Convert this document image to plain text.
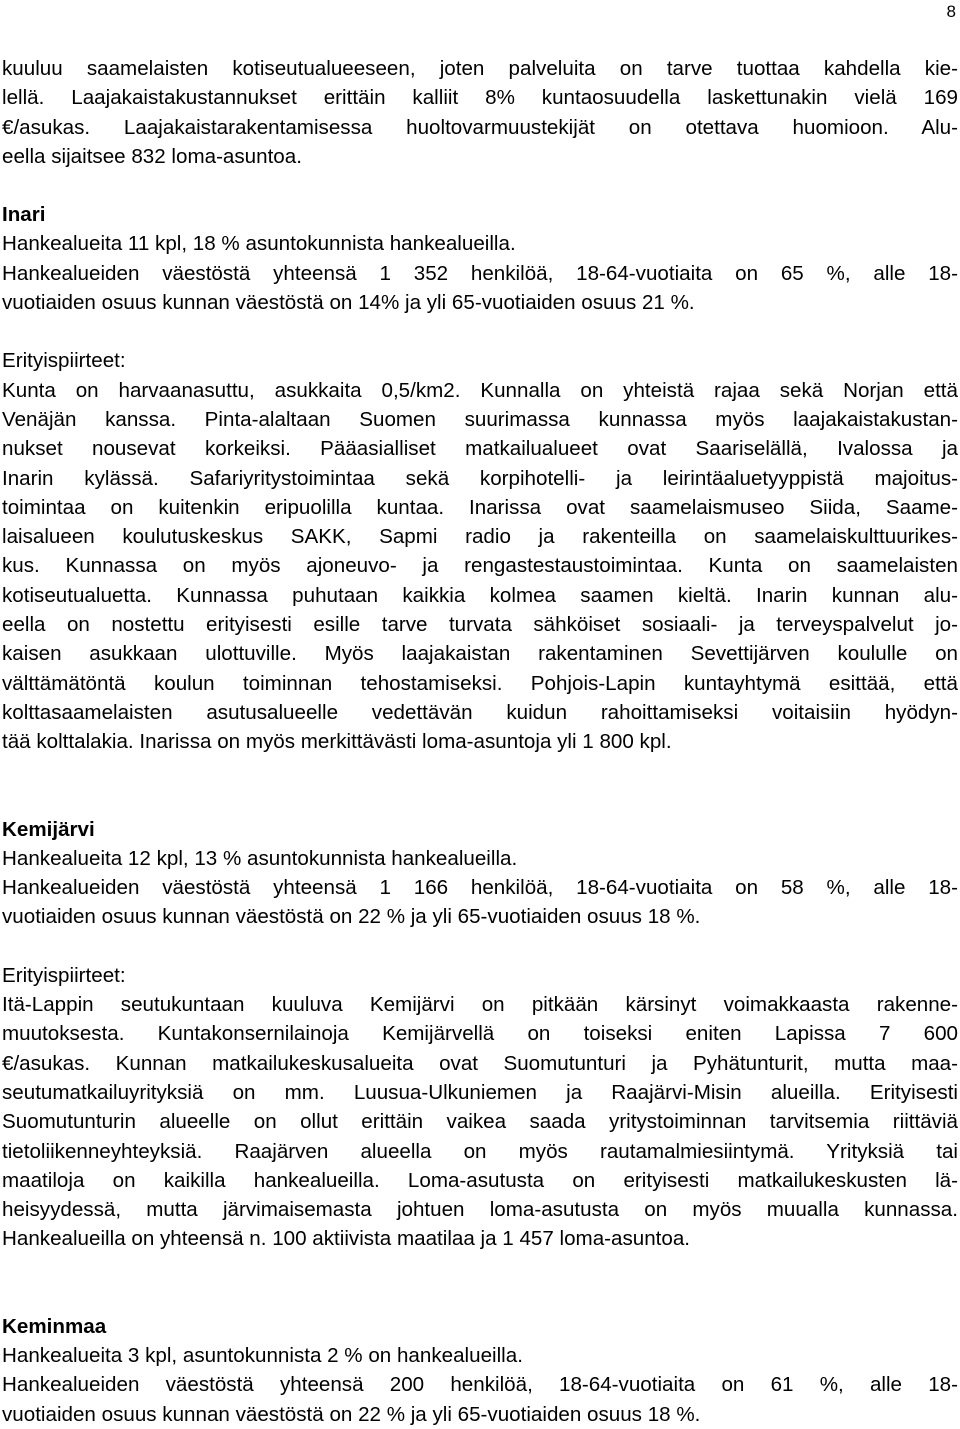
8
kuuluu saamelaisten kotiseutualueeseen, joten palveluita on tarve tuottaa kahdella kie-
lellä. Laajakaistakustannukset erittäin kalliit 8% kuntaosuudella laskettunakin vielä 169
€/asukas. Laajakaistarakentamisessa huoltovarmuustekijät on otettava huomioon. Alu-
eella sijaitsee 832 loma-asuntoa.
Inari
Hankealueita 11 kpl, 18 % asuntokunnista hankealueilla.
Hankealueiden väestöstä yhteensä 1 352 henkilöä, 18-64-vuotiaita on 65 %, alle 18-
vuotiaiden osuus kunnan väestöstä on 14% ja yli 65-vuotiaiden osuus 21 %.
Erityispiirteet:
Kunta on harvaanasuttu, asukkaita 0,5/km2. Kunnalla on yhteistä rajaa sekä Norjan että
Venäjän kanssa. Pinta-alaltaan Suomen suurimassa kunnassa myös laajakaistakustan-
nukset nousevat korkeiksi. Pääasialliset matkailualueet ovat Saariselällä, Ivalossa ja
Inarin kylässä. Safariyritystoimintaa sekä korpihotelli- ja leirintäaluetyyppistä majoitus-
toimintaa on kuitenkin eripuolilla kuntaa. Inarissa ovat saamelaismuseo Siida, Saame-
laisalueen koulutuskeskus SAKK, Sapmi radio ja rakenteilla on saamelaiskulttuurikes-
kus. Kunnassa on myös ajoneuvo- ja rengastestaustoimintaa. Kunta on saamelaisten
kotiseutualuetta. Kunnassa puhutaan kaikkia kolmea saamen kieltä. Inarin kunnan alu-
eella on nostettu erityisesti esille tarve turvata sähköiset sosiaali- ja terveyspalvelut jo-
kaisen asukkaan ulottuville. Myös laajakaistan rakentaminen Sevettijärven koululle on
välttämätöntä koulun toiminnan tehostamiseksi. Pohjois-Lapin kuntayhtymä esittää, että
kolttasaamelaisten asutusalueelle vedettävän kuidun rahoittamiseksi voitaisiin hyödyn-
tää kolttalakia. Inarissa on myös merkittävästi loma-asuntoja yli 1 800 kpl.
Kemijärvi
Hankealueita 12 kpl, 13 % asuntokunnista hankealueilla.
Hankealueiden väestöstä yhteensä 1 166 henkilöä, 18-64-vuotiaita on 58 %, alle 18-
vuotiaiden osuus kunnan väestöstä on 22 % ja yli 65-vuotiaiden osuus 18 %.
Erityispiirteet:
Itä-Lappin seutukuntaan kuuluva Kemijärvi on pitkään kärsinyt voimakkaasta rakenne-
muutoksesta. Kuntakonsernilainoja Kemijärvellä on toiseksi eniten Lapissa 7 600
€/asukas. Kunnan matkailukeskusalueita ovat Suomutunturi ja Pyhätunturit, mutta maa-
seutumatkailuyrityksiä on mm. Luusua-Ulkuniemen ja Raajärvi-Misin alueilla. Erityisesti
Suomutunturin alueelle on ollut erittäin vaikea saada yritystoiminnan tarvitsemia riittäviä
tietoliikenneyhteyksiä. Raajärven alueella on myös rautamalmiesiintymä. Yrityksiä tai
maatiloja on kaikilla hankealueilla. Loma-asutusta on erityisesti matkailukeskusten lä-
heisyydessä, mutta järvimaisemasta johtuen loma-asutusta on myös muualla kunnassa.
Hankealueilla on yhteensä n. 100 aktiivista maatilaa ja 1 457 loma-asuntoa.
Keminmaa
Hankealueita 3 kpl, asuntokunnista 2 % on hankealueilla.
Hankealueiden väestöstä yhteensä 200 henkilöä, 18-64-vuotiaita on 61 %, alle 18-
vuotiaiden osuus kunnan väestöstä on 22 % ja yli 65-vuotiaiden osuus 18 %.
